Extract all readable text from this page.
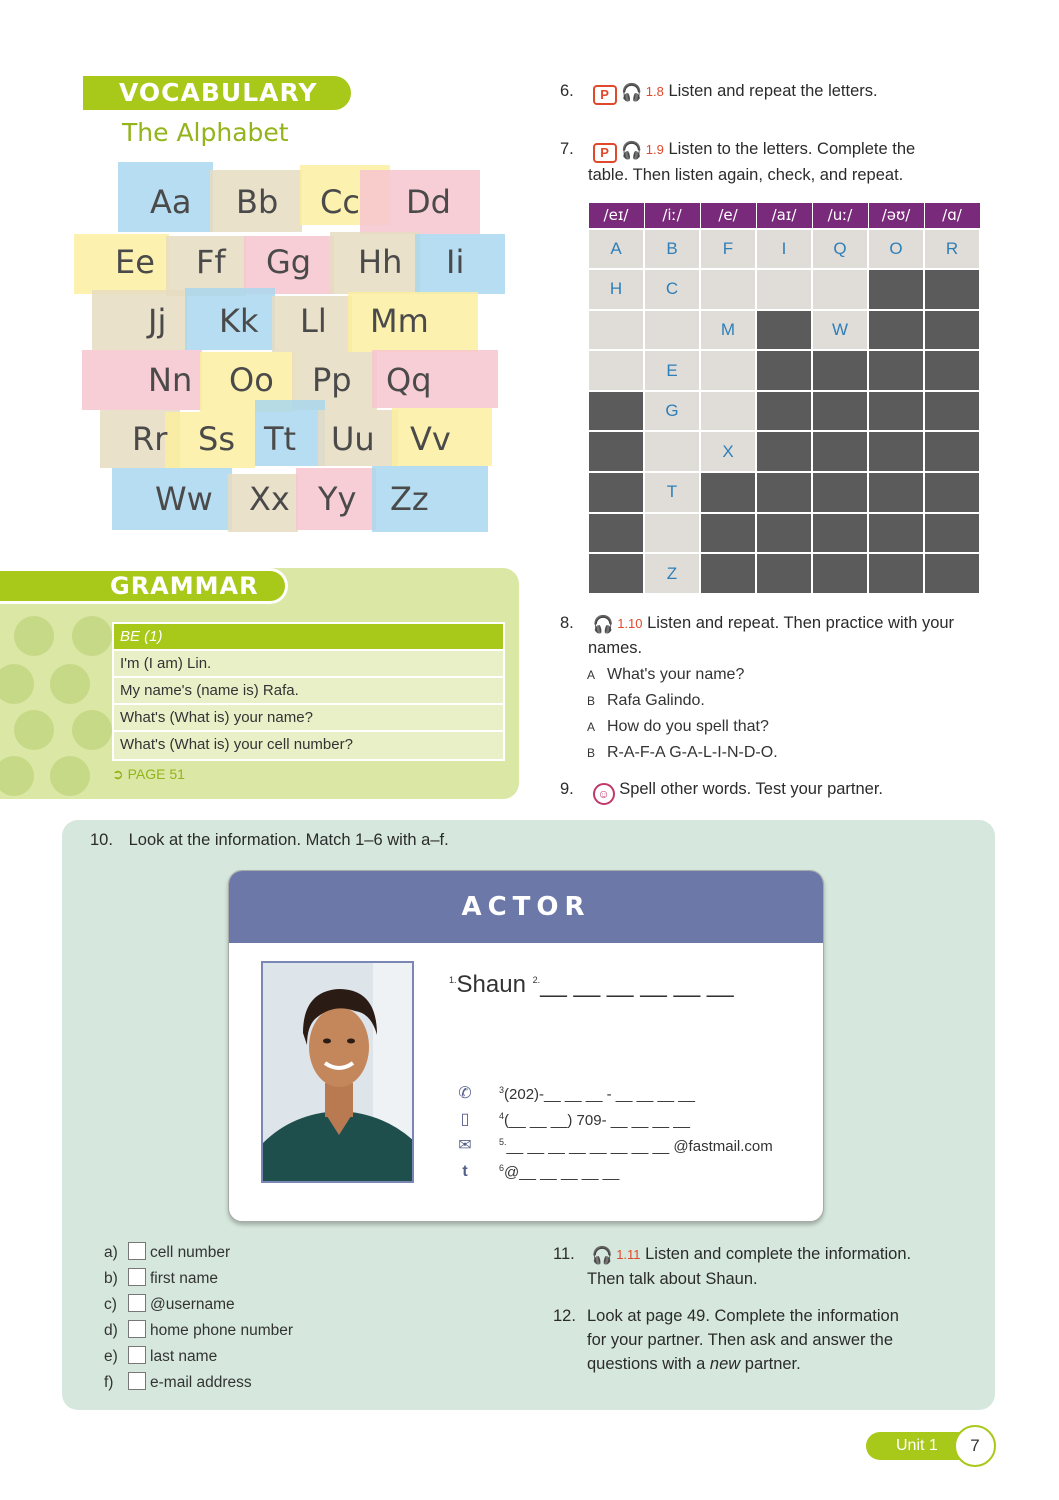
VOCABULARY
The Alphabet
Aa Bb Cc Dd
Ee Ff Gg Hh Ii
Jj Kk Ll Mm
Nn Oo Pp Qq
Rr Ss Tt Uu Vv
Ww Xx Yy Zz
GRAMMAR
BE (1)
I'm (I am) Lin.
My name's (name is) Rafa.
What's (What is) your name?
What's (What is) your cell number?
➲ PAGE 51
6. P 🎧 1.8 Listen and repeat the letters.
7. P 🎧 1.9 Listen to the letters. Complete the
table. Then listen again, check, and repeat.
/eɪ/	/iː/	/e/	/aɪ/	/uː/	/əʊ/	/ɑ/
A	B	F	I	Q	O	R
H	C					
		M		W		
	E					
	G					
		X				
	T					

	Z					
8. 🎧 1.10 Listen and repeat. Then practice with your
names.
A What's your name?
B Rafa Galindo.
A How do you spell that?
B R-A-F-A G-A-L-I-N-D-O.
9. ☺ Spell other words. Test your partner.
10. Look at the information. Match 1–6 with a–f.
ACTOR
$^{1.}$Shaun $^{2.}$__ __ __ __ __ __
✆
▯
✉
t
$^3$(202)-__ __ __ - __ __ __ __
$^4$(__ __ __) 709- __ __ __ __
$^{5.}$__ __ __ __ __ __ __ __ @fastmail.com
$^6$@__ __ __ __ __
a) cell number
b) first name
c) @username
d) home phone number
e) last name
f) e-mail address
11. 🎧 1.11 Listen and complete the information.
Then talk about Shaun.
12. Look at page 49. Complete the information
for your partner. Then ask and answer the
questions with a new partner.
Unit 1	7
